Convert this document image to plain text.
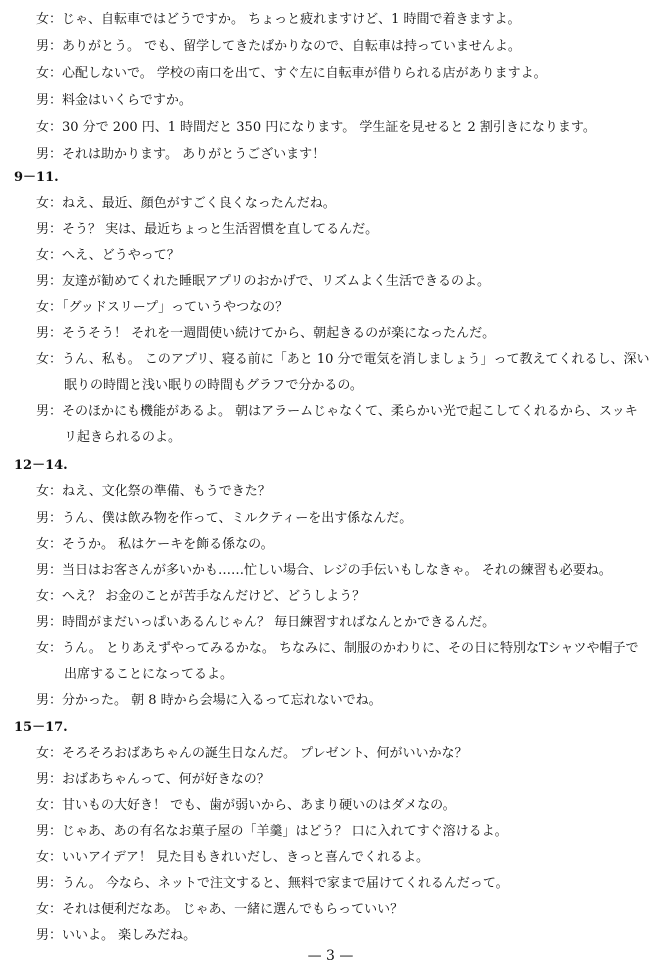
女：じゃ、自転車ではどうですか。 ちょっと疲れますけど、1 時間で着きますよ。
男：ありがとう。 でも、留学してきたばかりなので、自転車は持っていませんよ。
女：心配しないで。 学校の南口を出て、すぐ左に自転車が借りられる店がありますよ。
男：料金はいくらですか。
女：30 分で 200 円、1 時間だと 350 円になります。 学生証を見せると 2 割引きになります。
男：それは助かります。 ありがとうございます！
9－11.
女：ねえ、最近、顔色がすごく良くなったんだね。
男：そう？ 実は、最近ちょっと生活習慣を直してるんだ。
女：へえ、どうやって？
男：友達が勧めてくれた睡眠アプリのおかげで、リズムよく生活できるのよ。
女：「グッドスリープ」っていうやつなの？
男：そうそう！ それを一週間使い続けてから、朝起きるのが楽になったんだ。
女：うん、私も。 このアプリ、寝る前に「あと 10 分で電気を消しましょう」って教えてくれるし、深い
眠りの時間と浅い眠りの時間もグラフで分かるの。
男：そのほかにも機能があるよ。 朝はアラームじゃなくて、柔らかい光で起こしてくれるから、スッキ
リ起きられるのよ。
12－14.
女：ねえ、文化祭の準備、もうできた？
男：うん、僕は飲み物を作って、ミルクティーを出す係なんだ。
女：そうか。 私はケーキを飾る係なの。
男：当日はお客さんが多いかも……忙しい場合、レジの手伝いもしなきゃ。 それの練習も必要ね。
女：へえ？ お金のことが苦手なんだけど、どうしよう？
男：時間がまだいっぱいあるんじゃん？ 毎日練習すればなんとかできるんだ。
女：うん。 とりあえずやってみるかな。 ちなみに、制服のかわりに、その日に特別なTシャツや帽子で
出席することになってるよ。
男：分かった。 朝 8 時から会場に入るって忘れないでね。
15－17.
女：そろそろおばあちゃんの誕生日なんだ。 プレゼント、何がいいかな？
男：おばあちゃんって、何が好きなの？
女：甘いもの大好き！ でも、歯が弱いから、あまり硬いのはダメなの。
男：じゃあ、あの有名なお菓子屋の「羊羹」はどう？ 口に入れてすぐ溶けるよ。
女：いいアイデア！ 見た目もきれいだし、きっと喜んでくれるよ。
男：うん。 今なら、ネットで注文すると、無料で家まで届けてくれるんだって。
女：それは便利だなあ。 じゃあ、一緒に選んでもらっていい？
男：いいよ。 楽しみだね。
— 3 —
